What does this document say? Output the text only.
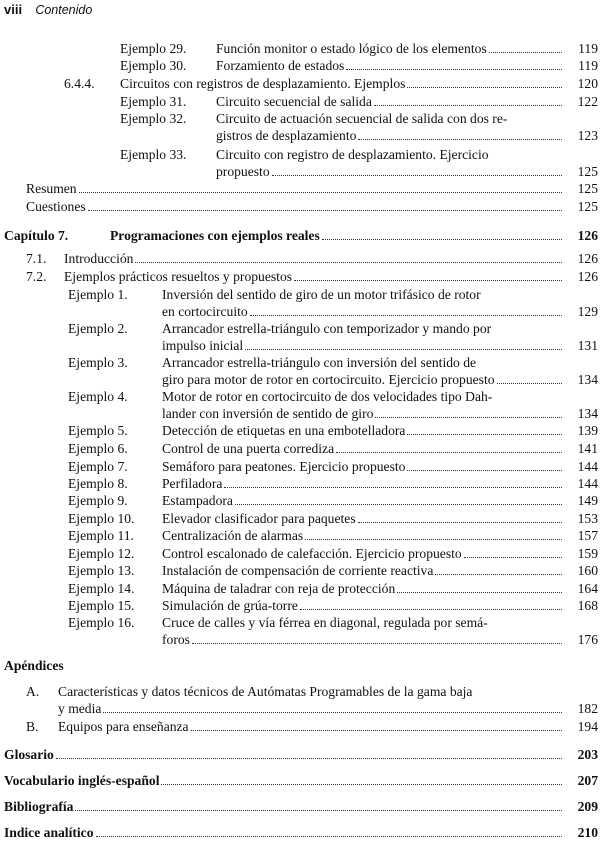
viii Contenido
Ejemplo 29. Función monitor o estado lógico de los elementos	119
Ejemplo 30. Forzamiento de estados	119
6.4.4. Circuitos con registros de desplazamiento. Ejemplos	120
Ejemplo 31. Circuito secuencial de salida	122
Ejemplo 32. Circuito de actuación secuencial de salida con dos re-
gistros de desplazamiento	123
Ejemplo 33. Circuito con registro de desplazamiento. Ejercicio
propuesto	125
Resumen	125
Cuestiones	125
Capítulo 7.	Programaciones con ejemplos reales	126
7.1. Introducción	126
7.2. Ejemplos prácticos resueltos y propuestos	126
Ejemplo 1.	Inversión del sentido de giro de un motor trifásico de rotor
en cortocircuito	129
Ejemplo 2.	Arrancador estrella-triángulo con temporizador y mando por
impulso inicial	131
Ejemplo 3.	Arrancador estrella-triángulo con inversión del sentido de
giro para motor de rotor en cortocircuito. Ejercicio propuesto	134
Ejemplo 4.	Motor de rotor en cortocircuito de dos velocidades tipo Dah-
lander con inversión de sentido de giro	134
Ejemplo 5.	Detección de etiquetas en una embotelladora	139
Ejemplo 6.	Control de una puerta corrediza	141
Ejemplo 7.	Semáforo para peatones. Ejercicio propuesto	144
Ejemplo 8.	Perfiladora	144
Ejemplo 9.	Estampadora	149
Ejemplo 10. Elevador clasificador para paquetes	153
Ejemplo 11. Centralización de alarmas	157
Ejemplo 12. Control escalonado de calefacción. Ejercicio propuesto	159
Ejemplo 13. Instalación de compensación de corriente reactiva	160
Ejemplo 14. Máquina de taladrar con reja de protección	164
Ejemplo 15. Simulación de grúa-torre	168
Ejemplo 16. Cruce de calles y vía férrea en diagonal, regulada por semá-
foros	176
Apéndices
A. Características y datos técnicos de Autómatas Programables de la gama baja
y media	182
B. Equipos para enseñanza	194
Glosario	203
Vocabulario inglés-español	207
Bibliografía	209
Indice analítico	210
